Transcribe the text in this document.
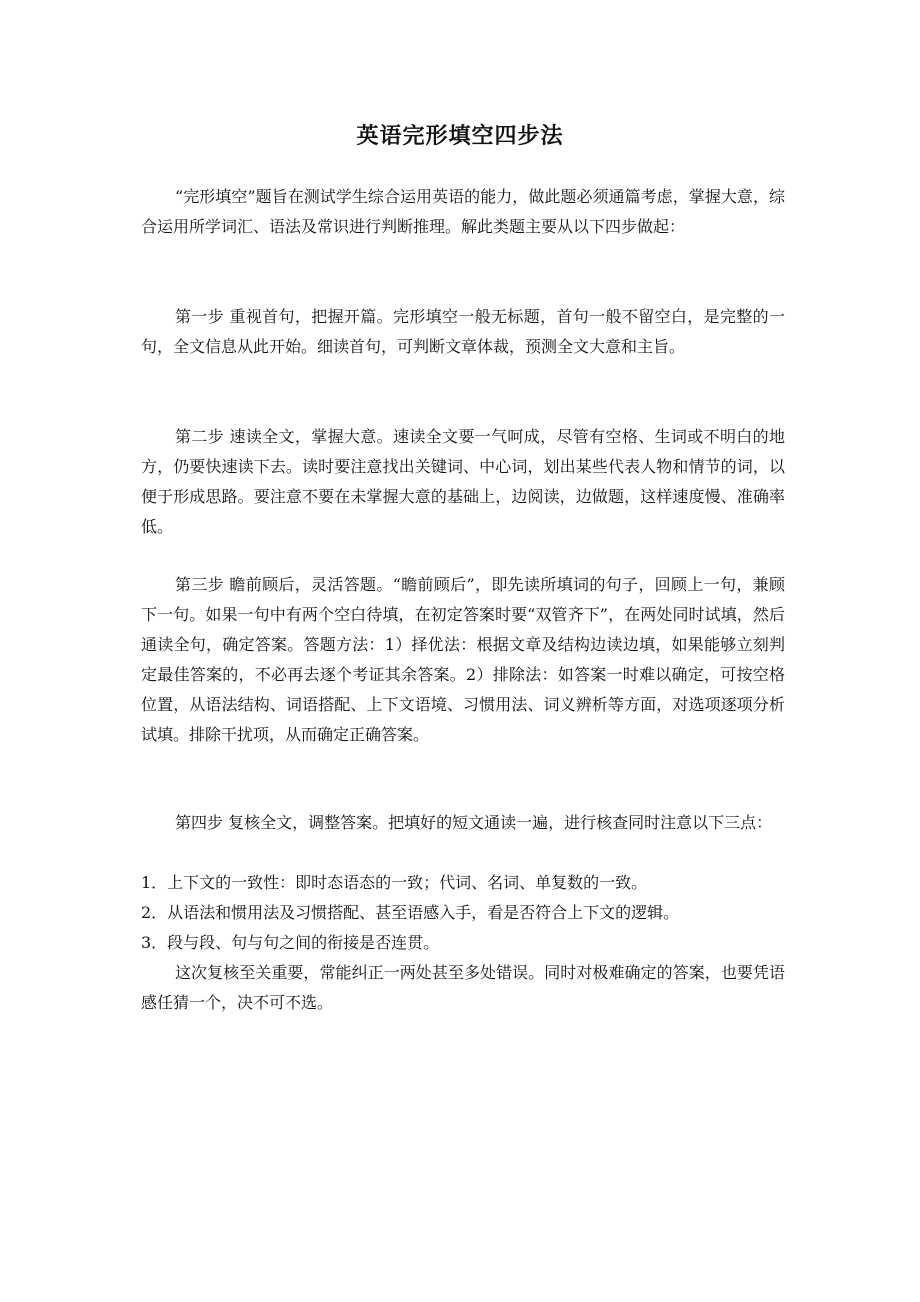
英语完形填空四步法

“完形填空”题旨在测试学生综合运用英语的能力，做此题必须通篇考虑，掌握大意，综合运用所学词汇、语法及常识进行判断推理。解此类题主要从以下四步做起：

第一步 重视首句，把握开篇。完形填空一般无标题，首句一般不留空白，是完整的一句，全文信息从此开始。细读首句，可判断文章体裁，预测全文大意和主旨。

第二步 速读全文，掌握大意。速读全文要一气呵成，尽管有空格、生词或不明白的地方，仍要快速读下去。读时要注意找出关键词、中心词，划出某些代表人物和情节的词，以便于形成思路。要注意不要在未掌握大意的基础上，边阅读，边做题，这样速度慢、准确率低。

第三步 瞻前顾后，灵活答题。“瞻前顾后”，即先读所填词的句子，回顾上一句，兼顾下一句。如果一句中有两个空白待填，在初定答案时要“双管齐下”，在两处同时试填，然后通读全句，确定答案。答题方法：1）择优法：根据文章及结构边读边填，如果能够立刻判定最佳答案的，不必再去逐个考证其余答案。2）排除法：如答案一时难以确定，可按空格位置，从语法结构、词语搭配、上下文语境、习惯用法、词义辨析等方面，对选项逐项分析试填。排除干扰项，从而确定正确答案。

第四步 复核全文，调整答案。把填好的短文通读一遍，进行核查同时注意以下三点：

1．上下文的一致性：即时态语态的一致；代词、名词、单复数的一致。
2．从语法和惯用法及习惯搭配、甚至语感入手，看是否符合上下文的逻辑。
3．段与段、句与句之间的衔接是否连贯。

这次复核至关重要，常能纠正一两处甚至多处错误。同时对极难确定的答案，也要凭语感任猜一个，决不可不选。
